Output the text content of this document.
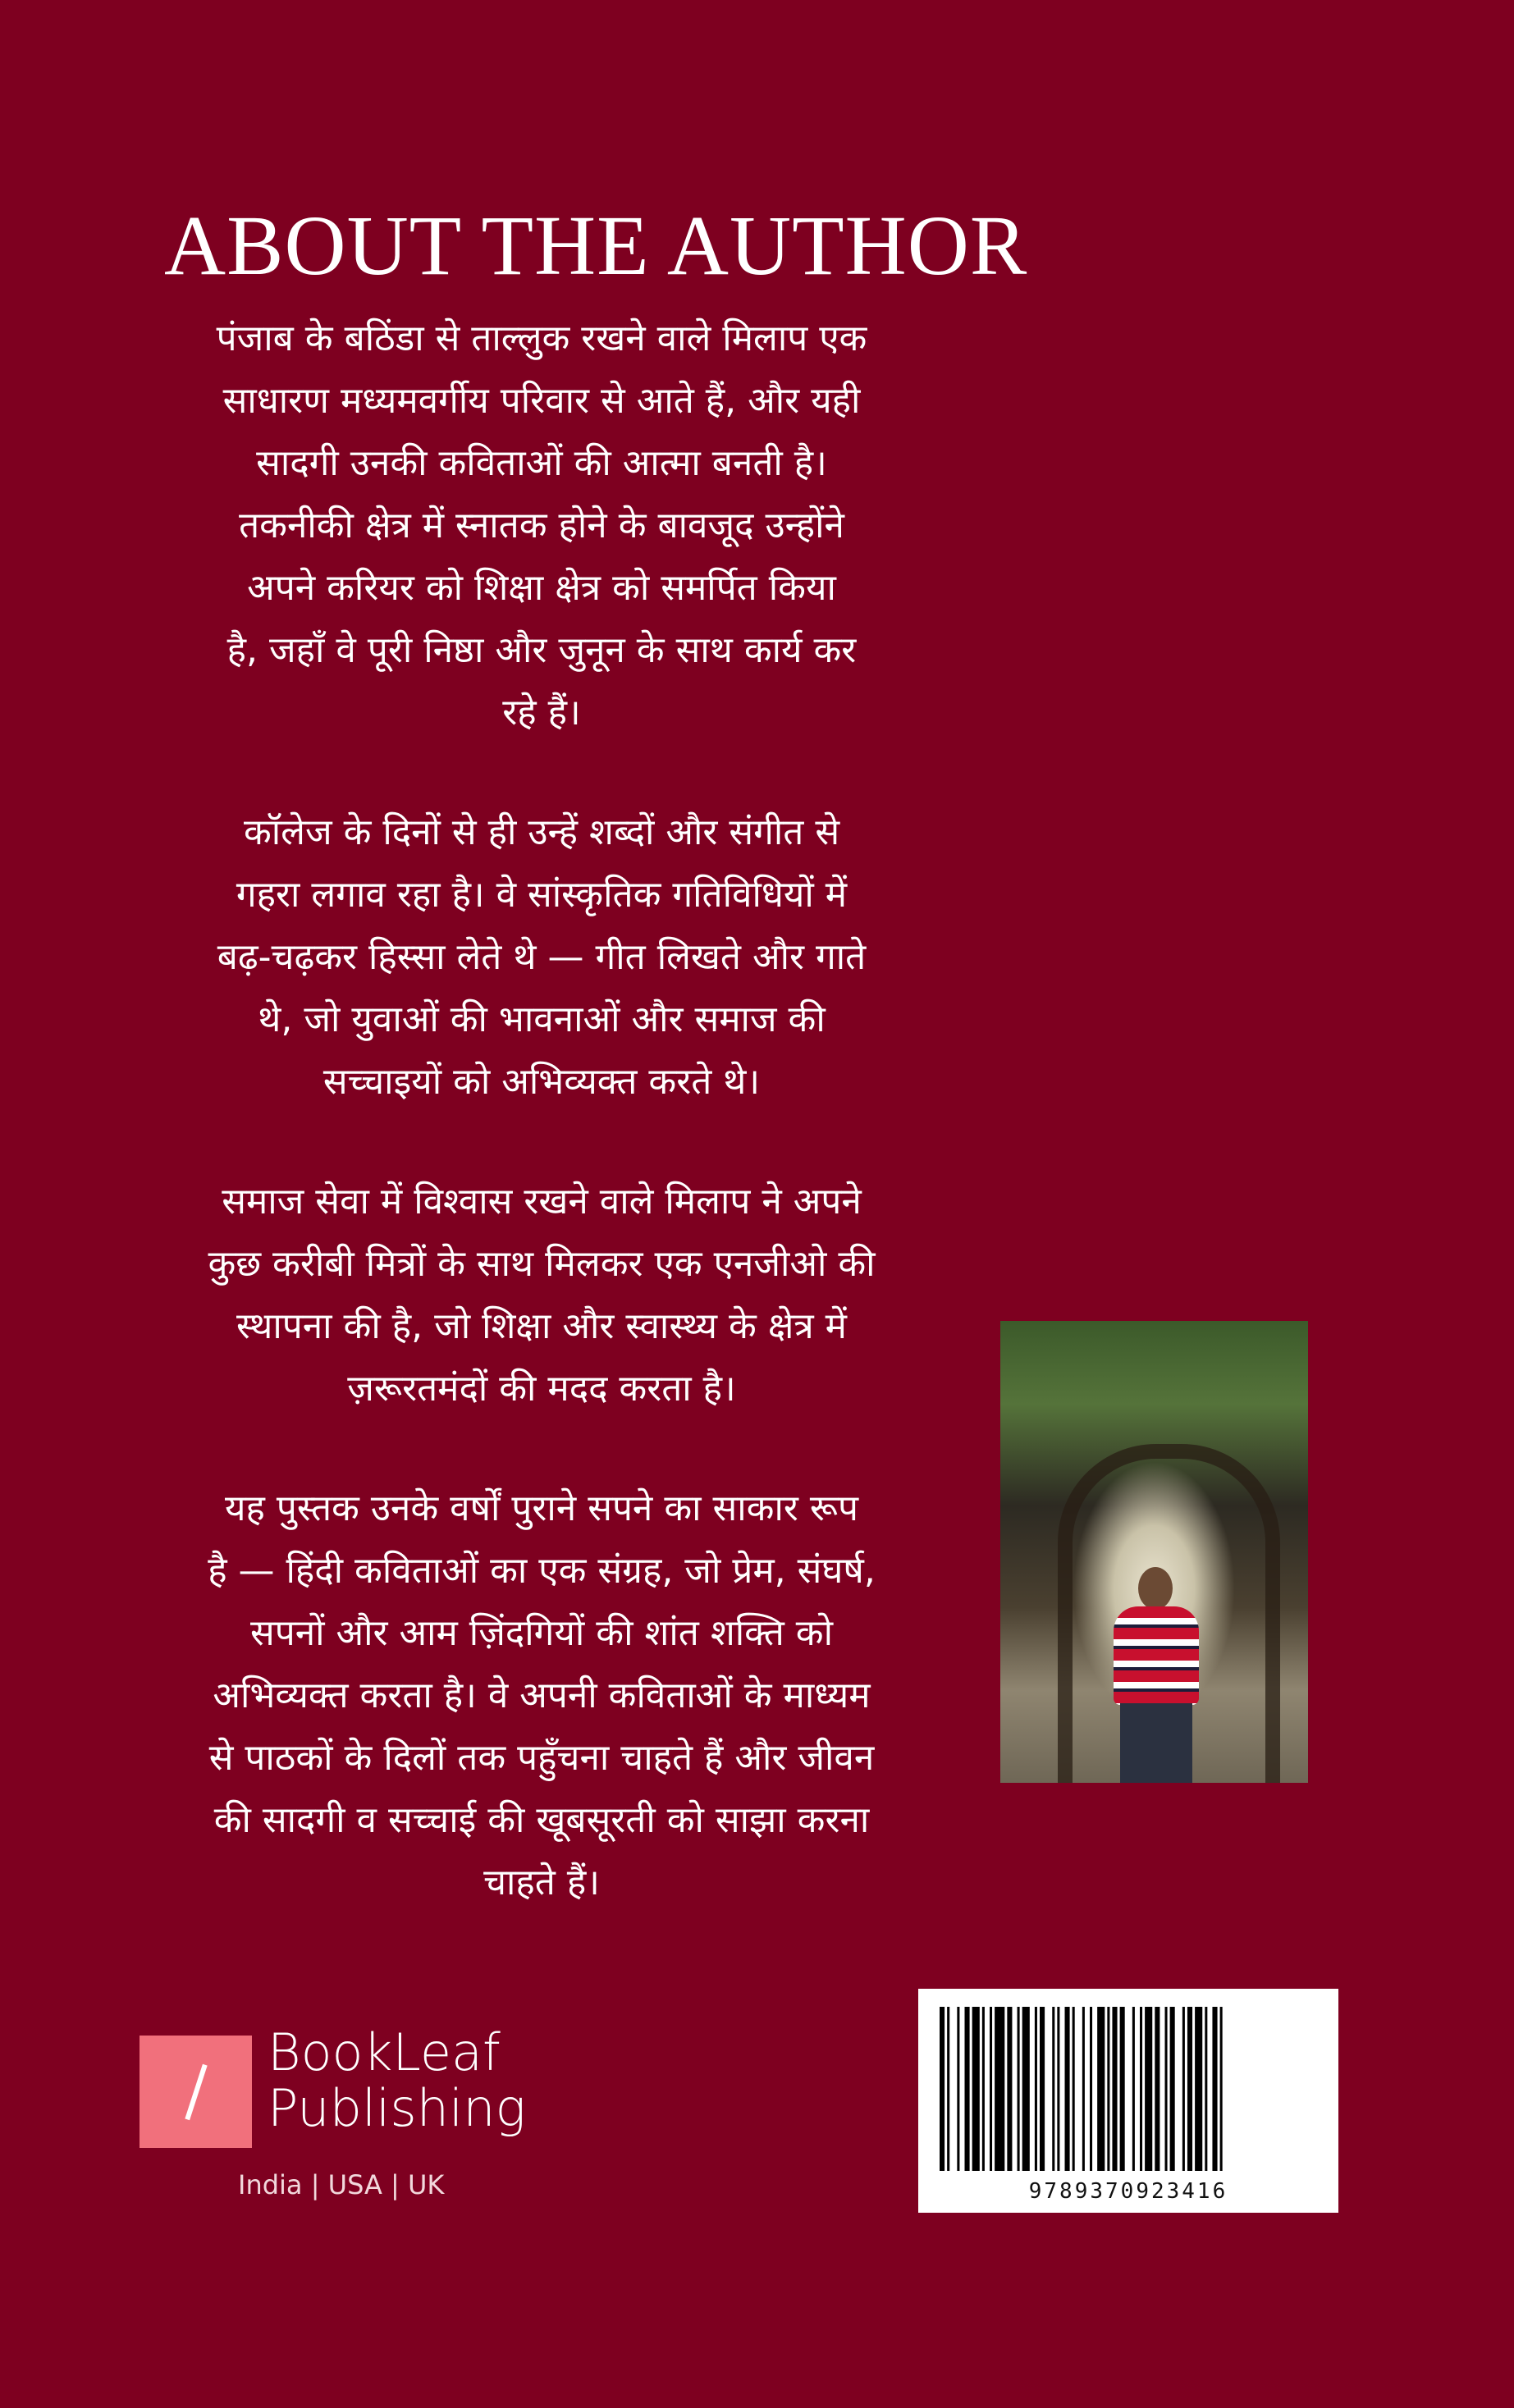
ABOUT THE AUTHOR

पंजाब के बठिंडा से ताल्लुक रखने वाले मिलाप एक
साधारण मध्यमवर्गीय परिवार से आते हैं, और यही
सादगी उनकी कविताओं की आत्मा बनती है।
तकनीकी क्षेत्र में स्नातक होने के बावजूद उन्होंने
अपने करियर को शिक्षा क्षेत्र को समर्पित किया
है, जहाँ वे पूरी निष्ठा और जुनून के साथ कार्य कर
रहे हैं।

कॉलेज के दिनों से ही उन्हें शब्दों और संगीत से
गहरा लगाव रहा है। वे सांस्कृतिक गतिविधियों में
बढ़-चढ़कर हिस्सा लेते थे — गीत लिखते और गाते
थे, जो युवाओं की भावनाओं और समाज की
सच्चाइयों को अभिव्यक्त करते थे।

समाज सेवा में विश्वास रखने वाले मिलाप ने अपने
कुछ करीबी मित्रों के साथ मिलकर एक एनजीओ की
स्थापना की है, जो शिक्षा और स्वास्थ्य के क्षेत्र में
ज़रूरतमंदों की मदद करता है।

यह पुस्तक उनके वर्षों पुराने सपने का साकार रूप
है — हिंदी कविताओं का एक संग्रह, जो प्रेम, संघर्ष,
सपनों और आम ज़िंदगियों की शांत शक्ति को
अभिव्यक्त करता है। वे अपनी कविताओं के माध्यम
से पाठकों के दिलों तक पहुँचना चाहते हैं और जीवन
की सादगी व सच्चाई की खूबसूरती को साझा करना
चाहते हैं।

9789370923416
BookLeaf
Publishing
India | USA | UK
